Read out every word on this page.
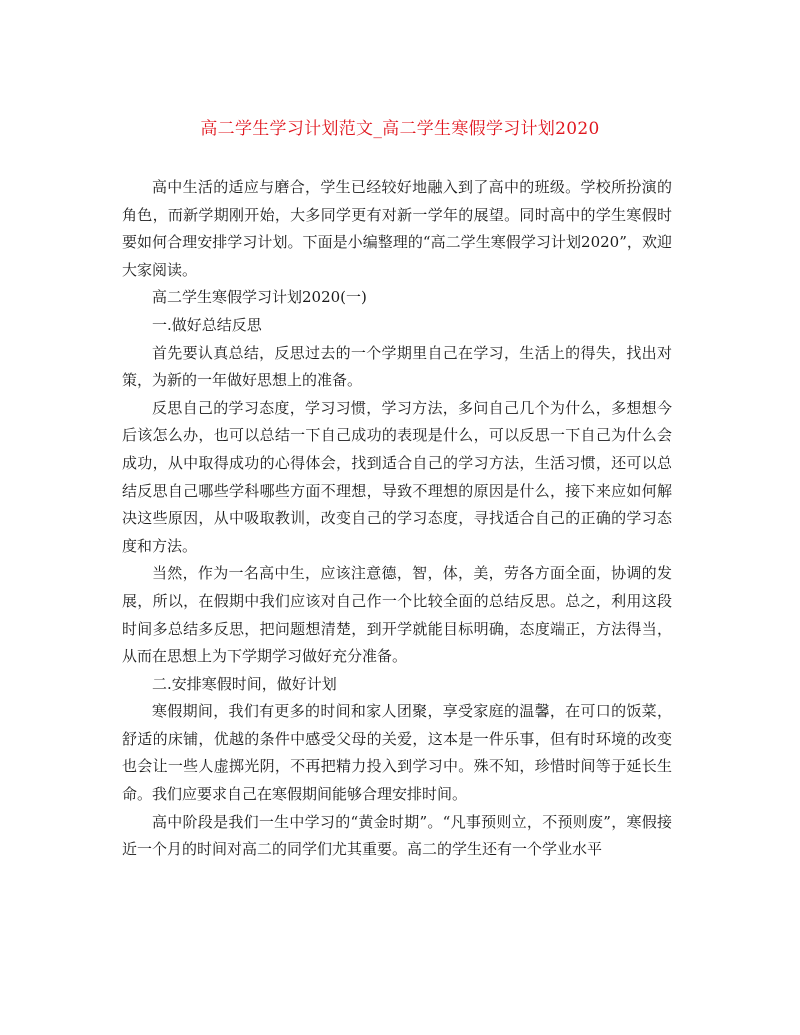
高二学生学习计划范文_高二学生寒假学习计划2020

高中生活的适应与磨合，学生已经较好地融入到了高中的班级。学校所扮演的角色，而新学期刚开始，大多同学更有对新一学年的展望。同时高中的学生寒假时要如何合理安排学习计划。下面是小编整理的“高二学生寒假学习计划2020”，欢迎大家阅读。

高二学生寒假学习计划2020(一)

一.做好总结反思

首先要认真总结，反思过去的一个学期里自己在学习，生活上的得失，找出对策，为新的一年做好思想上的准备。

反思自己的学习态度，学习习惯，学习方法，多问自己几个为什么，多想想今后该怎么办，也可以总结一下自己成功的表现是什么，可以反思一下自己为什么会成功，从中取得成功的心得体会，找到适合自己的学习方法，生活习惯，还可以总结反思自己哪些学科哪些方面不理想，导致不理想的原因是什么，接下来应如何解决这些原因，从中吸取教训，改变自己的学习态度，寻找适合自己的正确的学习态度和方法。

当然，作为一名高中生，应该注意德，智，体，美，劳各方面全面，协调的发展，所以，在假期中我们应该对自己作一个比较全面的总结反思。总之，利用这段时间多总结多反思，把问题想清楚，到开学就能目标明确，态度端正，方法得当，从而在思想上为下学期学习做好充分准备。

二.安排寒假时间，做好计划

寒假期间，我们有更多的时间和家人团聚，享受家庭的温馨，在可口的饭菜，舒适的床铺，优越的条件中感受父母的关爱，这本是一件乐事，但有时环境的改变也会让一些人虚掷光阴，不再把精力投入到学习中。殊不知，珍惜时间等于延长生命。我们应要求自己在寒假期间能够合理安排时间。

高中阶段是我们一生中学习的“黄金时期”。“凡事预则立，不预则废”，寒假接近一个月的时间对高二的同学们尤其重要。高二的学生还有一个学业水平
